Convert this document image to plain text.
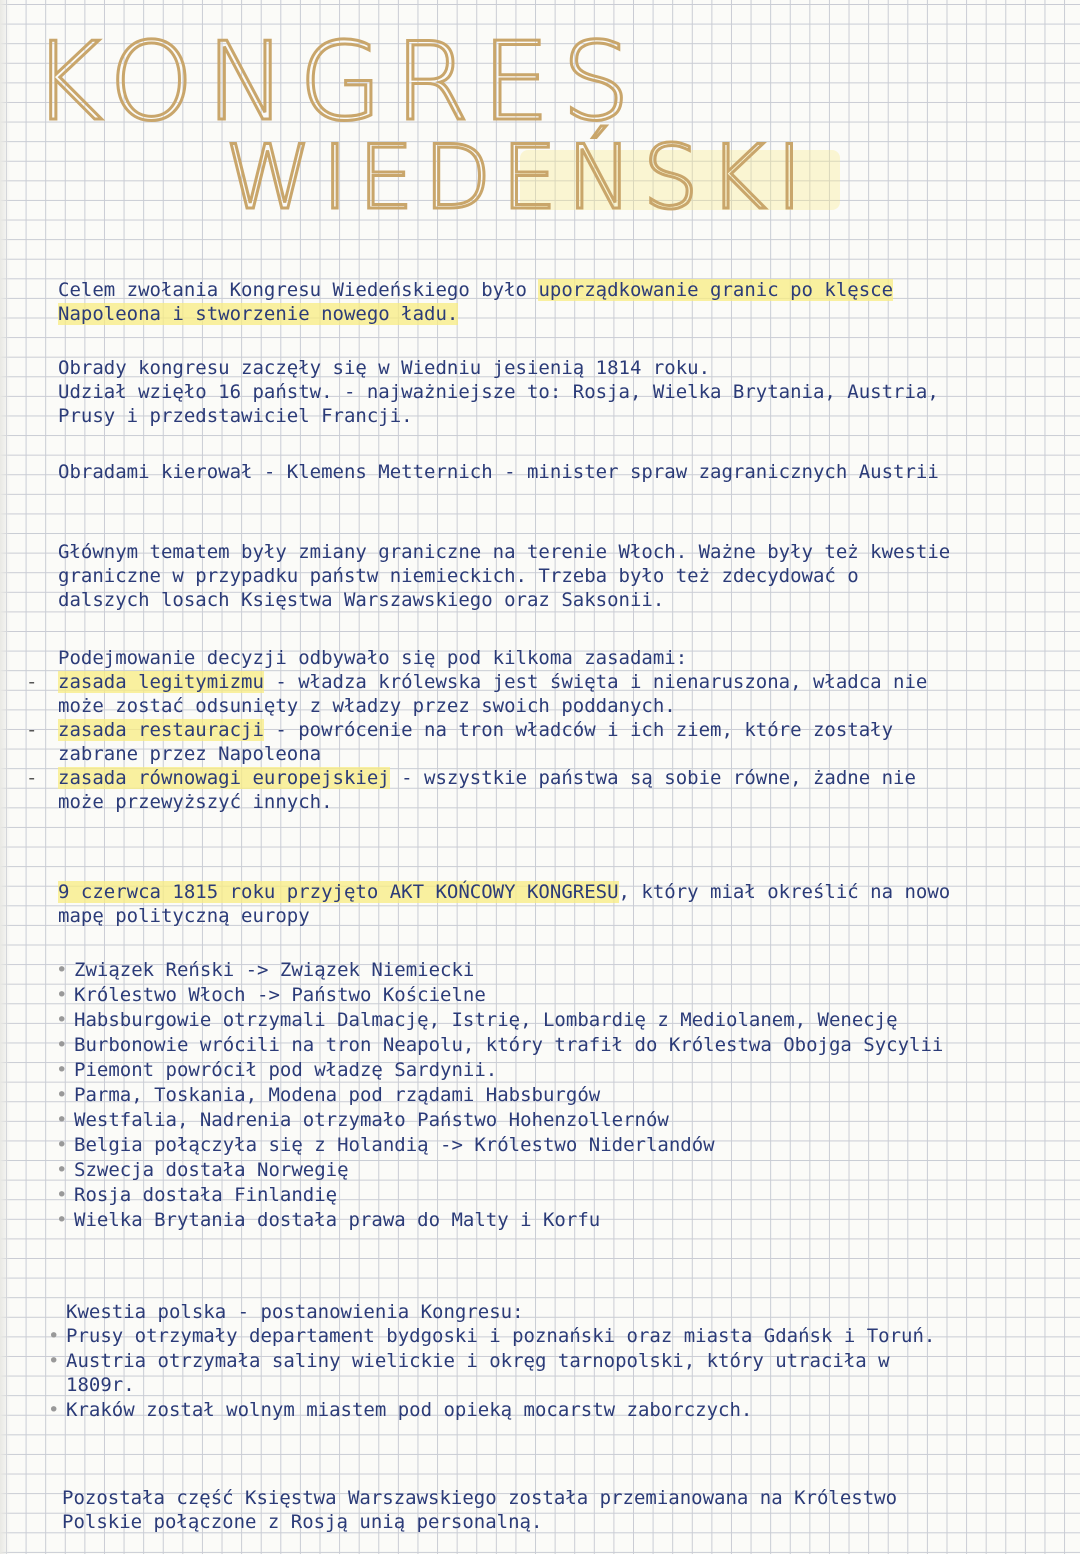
KONGRES
WIEDEŃSKI

Celem zwołania Kongresu Wiedeńskiego było uporządkowanie granic po klęsce Napoleona i stworzenie nowego ładu.

Obrady kongresu zaczęły się w Wiedniu jesienią 1814 roku.

Udział wzięło 16 państw. - najważniejsze to: Rosja, Wielka Brytania, Austria, Prusy i przedstawiciel Francji.

Obradami kierował - Klemens Metternich - minister spraw zagranicznych Austrii

Głównym tematem były zmiany graniczne na terenie Włoch. Ważne były też kwestie graniczne w przypadku państw niemieckich. Trzeba było też zdecydować o dalszych losach Księstwa Warszawskiego oraz Saksonii.

Podejmowanie decyzji odbywało się pod kilkoma zasadami:

- zasada legitymizmu - władza królewska jest święta i nienaruszona, władca nie może zostać odsunięty z władzy przez swoich poddanych.
- zasada restauracji - powrócenie na tron władców i ich ziem, które zostały zabrane przez Napoleona
- zasada równowagi europejskiej - wszystkie państwa są sobie równe, żadne nie może przewyższyć innych.

9 czerwca 1815 roku przyjęto AKT KOŃCOWY KONGRESU, który miał określić na nowo mapę polityczną europy

• Związek Reński -> Związek Niemiecki
• Królestwo Włoch -> Państwo Kościelne
• Habsburgowie otrzymali Dalmację, Istrię, Lombardię z Mediolanem, Wenecję
• Burbonowie wrócili na tron Neapolu, który trafił do Królestwa Obojga Sycylii
• Piemont powrócił pod władzę Sardynii.
• Parma, Toskania, Modena pod rządami Habsburgów
• Westfalia, Nadrenia otrzymało Państwo Hohenzollernów
• Belgia połączyła się z Holandią -> Królestwo Niderlandów
• Szwecja dostała Norwegię
• Rosja dostała Finlandię
• Wielka Brytania dostała prawa do Malty i Korfu

Kwestia polska - postanowienia Kongresu:

• Prusy otrzymały departament bydgoski i poznański oraz miasta Gdańsk i Toruń.
• Austria otrzymała saliny wielickie i okręg tarnopolski, który utraciła w 1809r.
• Kraków został wolnym miastem pod opieką mocarstw zaborczych.

Pozostała część Księstwa Warszawskiego została przemianowana na Królestwo Polskie połączone z Rosją unią personalną.
